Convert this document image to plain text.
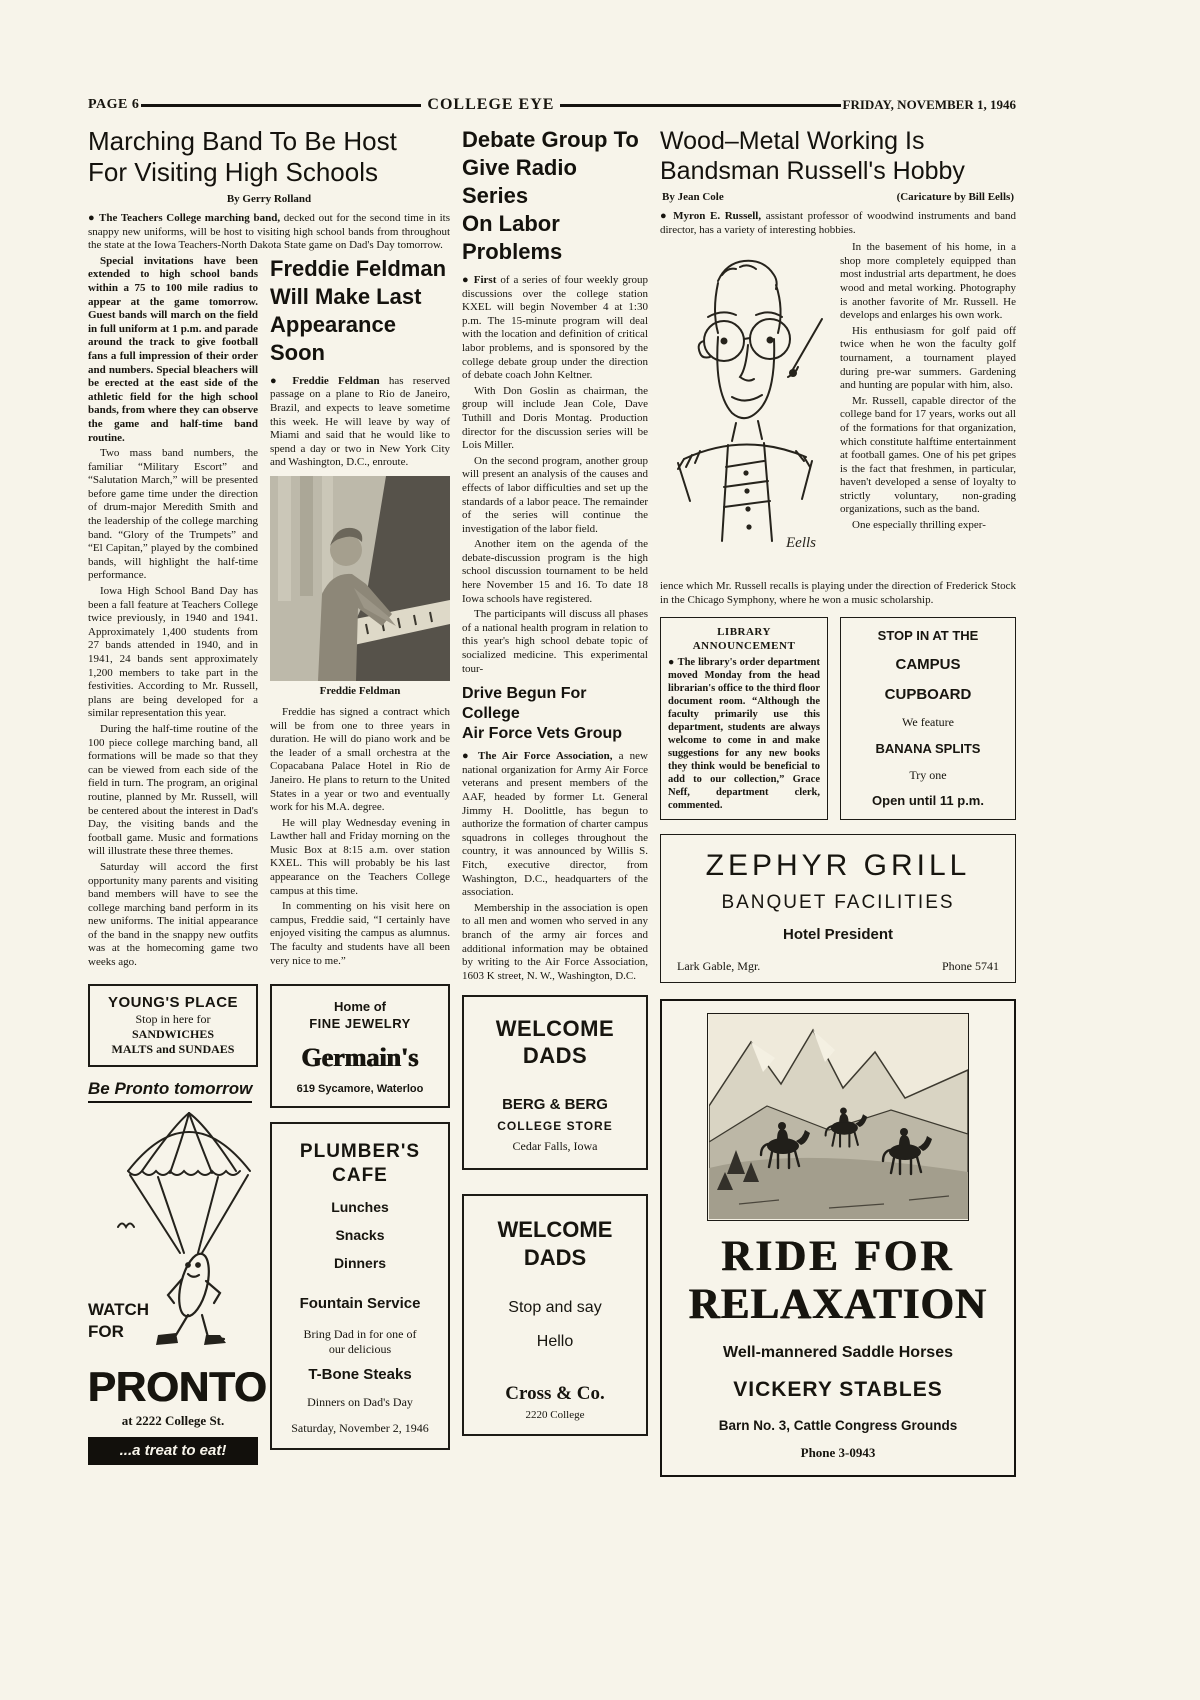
PAGE 6	COLLEGE EYE	FRIDAY, NOVEMBER 1, 1946
Marching Band To Be Host
For Visiting High Schools
By Gerry Rolland

● The Teachers College marching band, decked out for the second time in its snappy new uniforms, will be host to visiting high school bands from throughout the state at the Iowa Teachers-North Dakota State game on Dad's Day tomorrow.

Special invitations have been extended to high school bands within a 75 to 100 mile radius to appear at the game tomorrow. Guest bands will march on the field in full uniform at 1 p.m. and parade around the track to give football fans a full impression of their order and numbers. Special bleachers will be erected at the east side of the athletic field for the high school bands, from where they can observe the game and half-time band routine.

Two mass band numbers, the familiar “Military Escort” and “Salutation March,” will be presented before game time under the direction of drum-major Meredith Smith and the leadership of the college marching band. “Glory of the Trumpets” and “El Capitan,” played by the combined bands, will highlight the half-time performance.

Iowa High School Band Day has been a fall feature at Teachers College twice previously, in 1940 and 1941. Approximately 1,400 students from 27 bands attended in 1940, and in 1941, 24 bands sent approximately 1,200 members to take part in the festivities. According to Mr. Russell, plans are being developed for a similar representation this year.

During the half-time routine of the 100 piece college marching band, all formations will be made so that they can be viewed from each side of the field in turn. The program, an original routine, planned by Mr. Russell, will be centered about the interest in Dad's Day, the visiting bands and the football game. Music and formations will illustrate these three themes.

Saturday will accord the first opportunity many parents and visiting band members will have to see the college marching band perform in its new uniforms. The initial appearance of the band in the snappy new outfits was at the homecoming game two weeks ago.

YOUNG'S PLACE
Stop in here for
SANDWICHES
MALTS and SUNDAES
Be Pronto tomorrow
WATCH
FOR
PRONTO
at 2222 College St.
...a treat to eat!
Freddie Feldman
Will Make Last
Appearance Soon

● Freddie Feldman has reserved passage on a plane to Rio de Janeiro, Brazil, and expects to leave sometime this week. He will leave by way of Miami and said that he would like to spend a day or two in New York City and Washington, D.C., enroute.

Freddie Feldman

Freddie has signed a contract which will be from one to three years in duration. He will do piano work and be the leader of a small orchestra at the Copacabana Palace Hotel in Rio de Janeiro. He plans to return to the United States in a year or two and eventually work for his M.A. degree.

He will play Wednesday evening in Lawther hall and Friday morning on the Music Box at 8:15 a.m. over station KXEL. This will probably be his last appearance on the Teachers College campus at this time.

In commenting on his visit here on campus, Freddie said, “I certainly have enjoyed visiting the campus as alumnus. The faculty and students have all been very nice to me.”

Home of
FINE JEWELRY
Germain's
619 Sycamore, Waterloo
PLUMBER'S
CAFE
Lunches
Snacks
Dinners
Fountain Service
Bring Dad in for one of
our delicious
T-Bone Steaks
Dinners on Dad's Day
Saturday, November 2, 1946
Debate Group To
Give Radio Series
On Labor Problems

● First of a series of four weekly group discussions over the college station KXEL will begin November 4 at 1:30 p.m. The 15-minute program will deal with the location and definition of critical labor problems, and is sponsored by the college debate group under the direction of debate coach John Keltner.

With Don Goslin as chairman, the group will include Jean Cole, Dave Tuthill and Doris Montag. Production director for the discussion series will be Lois Miller.

On the second program, another group will present an analysis of the causes and effects of labor difficulties and set up the standards of a labor peace. The remainder of the series will continue the investigation of the labor field.

Another item on the agenda of the debate-discussion program is the high school discussion tournament to be held here November 15 and 16. To date 18 Iowa schools have registered.

The participants will discuss all phases of a national health program in relation to this year's high school debate topic of socialized medicine. This experimental tour-

Drive Begun For College
Air Force Vets Group

● The Air Force Association, a new national organization for Army Air Force veterans and present members of the AAF, headed by former Lt. General Jimmy H. Doolittle, has begun to authorize the formation of charter campus squadrons in colleges throughout the country, it was announced by Willis S. Fitch, executive director, from Washington, D.C., headquarters of the association.

Membership in the association is open to all men and women who served in any branch of the army air forces and additional information may be obtained by writing to the Air Force Association, 1603 K street, N. W., Washington, D.C.

WELCOME
DADS
BERG & BERG
COLLEGE STORE
Cedar Falls, Iowa
WELCOME
DADS
Stop and say
Hello
Cross & Co.
2220 College
Wood–Metal Working Is
Bandsman Russell's Hobby
By Jean Cole	(Caricature by Bill Eells)

● Myron E. Russell, assistant professor of woodwind instruments and band director, has a variety of interesting hobbies.

Eells

In the basement of his home, in a shop more completely equipped than most industrial arts department, he does wood and metal working. Photography is another favorite of Mr. Russell. He develops and enlarges his own work.

His enthusiasm for golf paid off twice when he won the faculty golf tournament, a tournament played during pre-war summers. Gardening and hunting are popular with him, also.

Mr. Russell, capable director of the college band for 17 years, works out all of the formations for that organization, which constitute halftime entertainment at football games. One of his pet gripes is the fact that freshmen, in particular, haven't developed a sense of loyalty to strictly voluntary, non-grading organizations, such as the band.

One especially thrilling exper-

ience which Mr. Russell recalls is playing under the direction of Frederick Stock in the Chicago Symphony, where he won a music scholarship.

LIBRARY ANNOUNCEMENT
● The library's order department moved Monday from the head librarian's office to the third floor document room. “Although the faculty primarily use this department, students are always welcome to come in and make suggestions for any new books they think would be beneficial to add to our collection,” Grace Neff, department clerk, commented.
STOP IN AT THE
CAMPUS
CUPBOARD
We feature
BANANA SPLITS
Try one
Open until 11 p.m.
ZEPHYR GRILL
BANQUET FACILITIES
Hotel President
Lark Gable, Mgr.	Phone 5741
RIDE FOR
RELAXATION
Well-mannered Saddle Horses
VICKERY STABLES
Barn No. 3, Cattle Congress Grounds
Phone 3-0943
